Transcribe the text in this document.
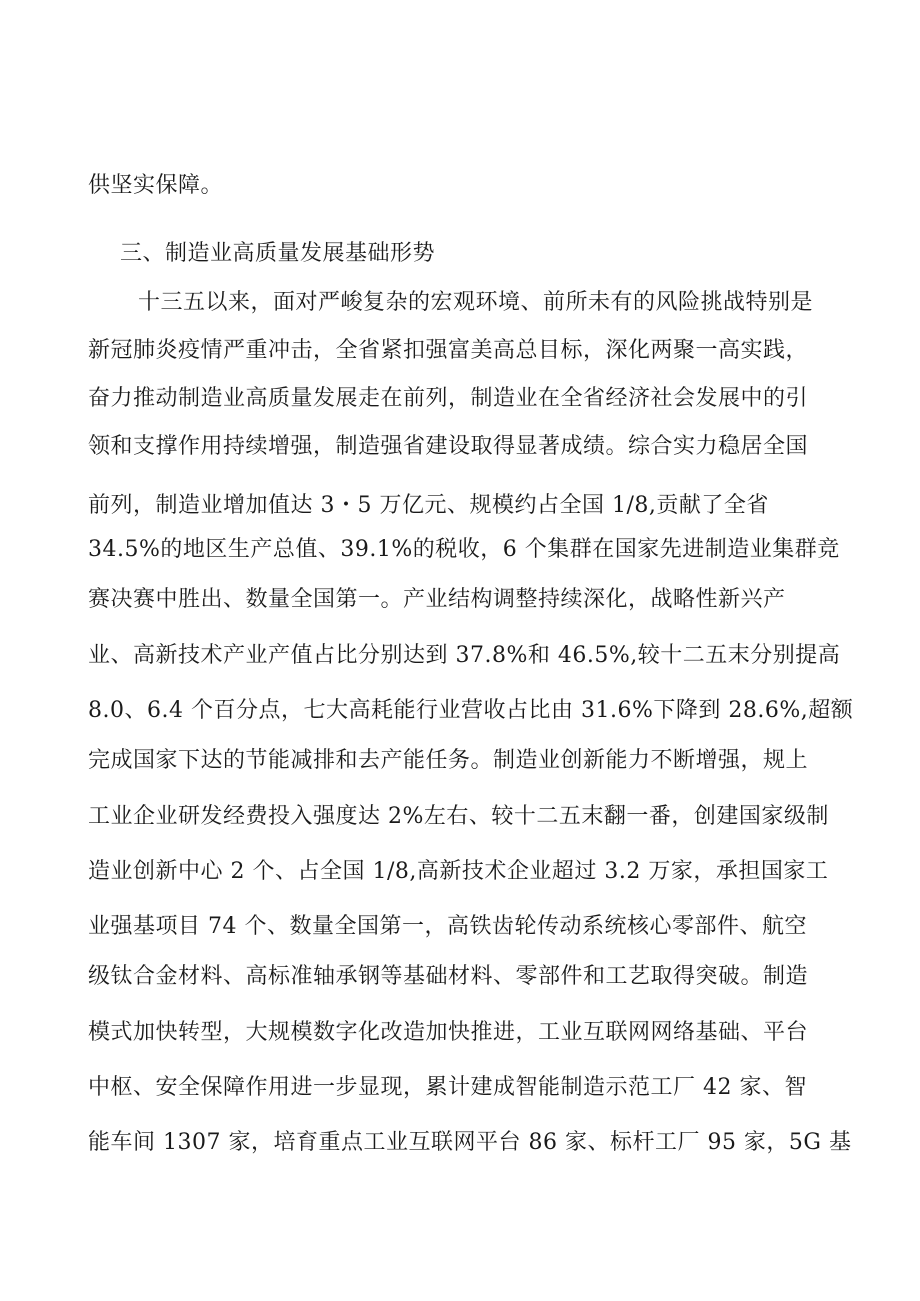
供坚实保障。
三、制造业高质量发展基础形势
十三五以来，面对严峻复杂的宏观环境、前所未有的风险挑战特别是
新冠肺炎疫情严重冲击，全省紧扣强富美高总目标，深化两聚一高实践，
奋力推动制造业高质量发展走在前列，制造业在全省经济社会发展中的引
领和支撑作用持续增强，制造强省建设取得显著成绩。综合实力稳居全国
前列，制造业增加值达 3・5 万亿元、规模约占全国 1/8,贡献了全省
34.5%的地区生产总值、39.1%的税收，6 个集群在国家先进制造业集群竞
赛决赛中胜出、数量全国第一。产业结构调整持续深化，战略性新兴产
业、高新技术产业产值占比分别达到 37.8%和 46.5%,较十二五末分别提高
8.0、6.4 个百分点，七大高耗能行业营收占比由 31.6%下降到 28.6%,超额
完成国家下达的节能减排和去产能任务。制造业创新能力不断增强，规上
工业企业研发经费投入强度达 2%左右、较十二五末翻一番，创建国家级制
造业创新中心 2 个、占全国 1/8,高新技术企业超过 3.2 万家，承担国家工
业强基项目 74 个、数量全国第一，高铁齿轮传动系统核心零部件、航空
级钛合金材料、高标准轴承钢等基础材料、零部件和工艺取得突破。制造
模式加快转型，大规模数字化改造加快推进，工业互联网网络基础、平台
中枢、安全保障作用进一步显现，累计建成智能制造示范工厂 42 家、智
能车间 1307 家，培育重点工业互联网平台 86 家、标杆工厂 95 家，5G 基
